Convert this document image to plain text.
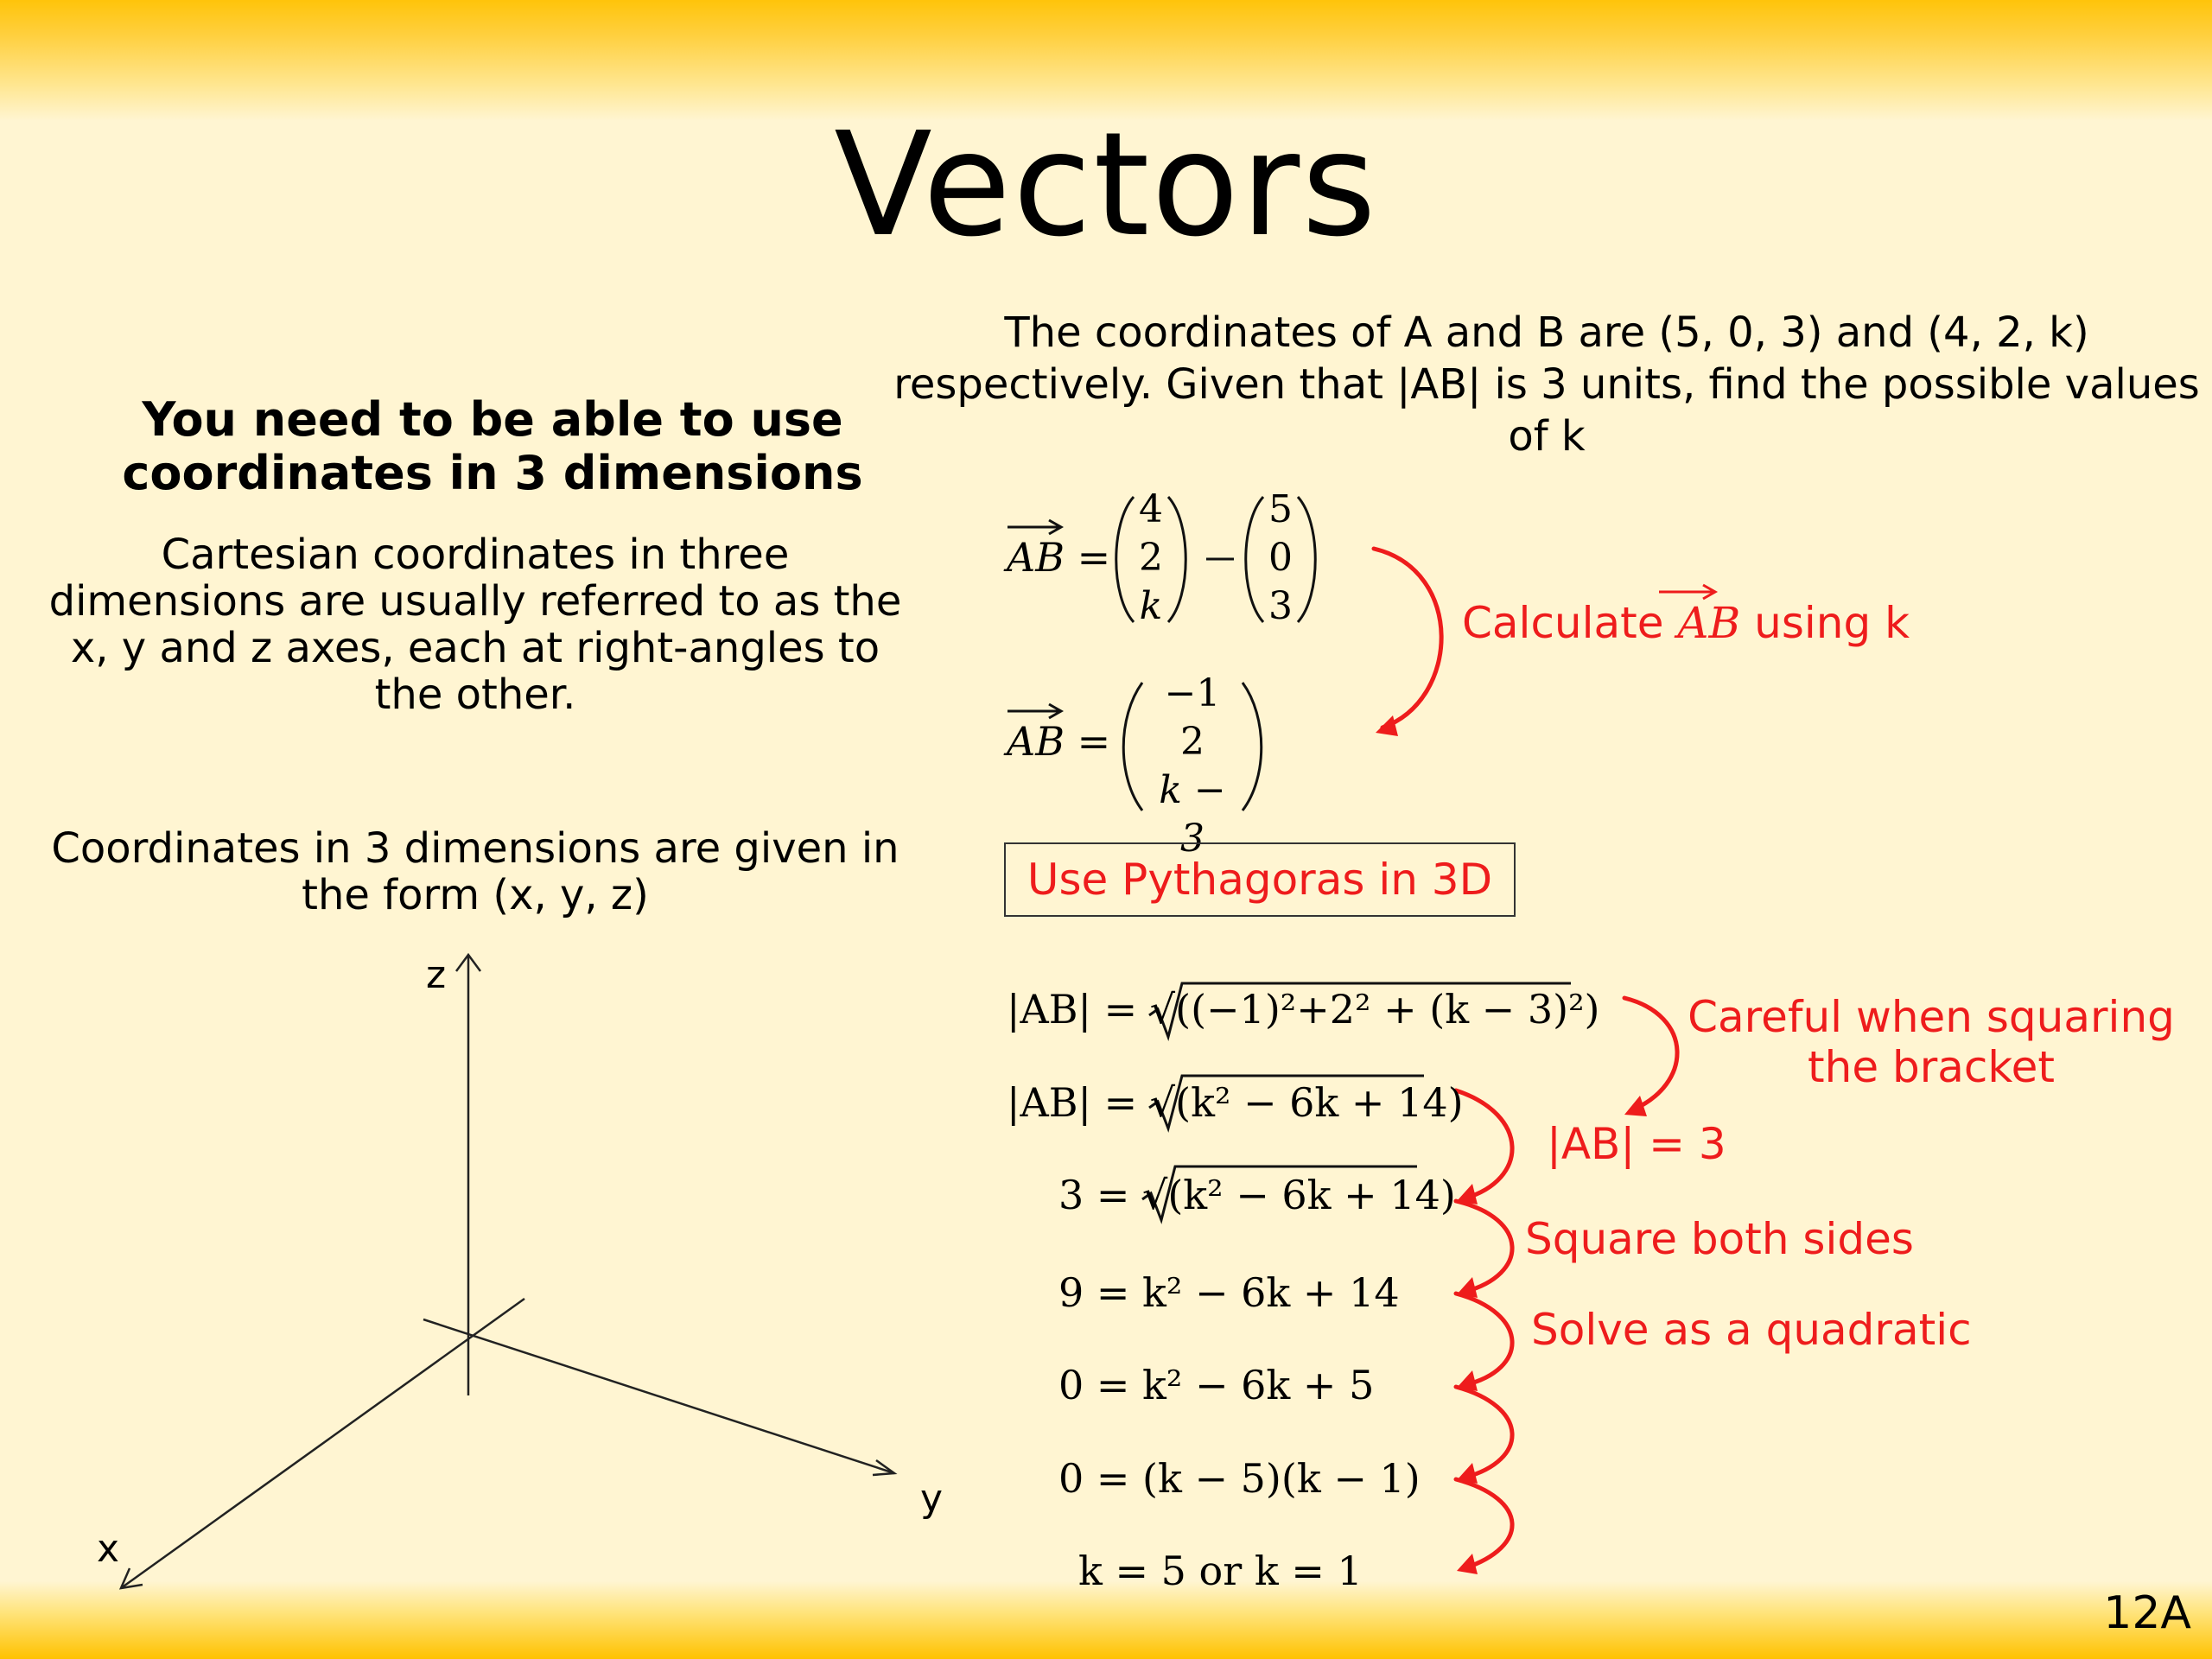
Vectors
You need to be able to use coordinates in 3 dimensions
Cartesian coordinates in three dimensions are usually referred to as the x, y and z axes, each at right-angles to the other.
Coordinates in 3 dimensions are given in the form (x, y, z)
z
y
x
The coordinates of A and B are (5, 0, 3) and (4, 2, k) respectively. Given that |AB| is 3 units, find the possible values of k
AB =
4
2
k
5
0
3
AB =
−1
2
k − 3
Calculate AB using k
Use Pythagoras in 3D
|AB| = √((−1)²+2² + (k − 3)²)
|AB| = √(k² − 6k + 14)
3 = √(k² − 6k + 14)
9 = k² − 6k + 14
0 = k² − 6k + 5
0 = (k − 5)(k − 1)
k = 5 or k = 1
Careful when squaring the bracket
|AB| = 3
Square both sides
Solve as a quadratic
12A
